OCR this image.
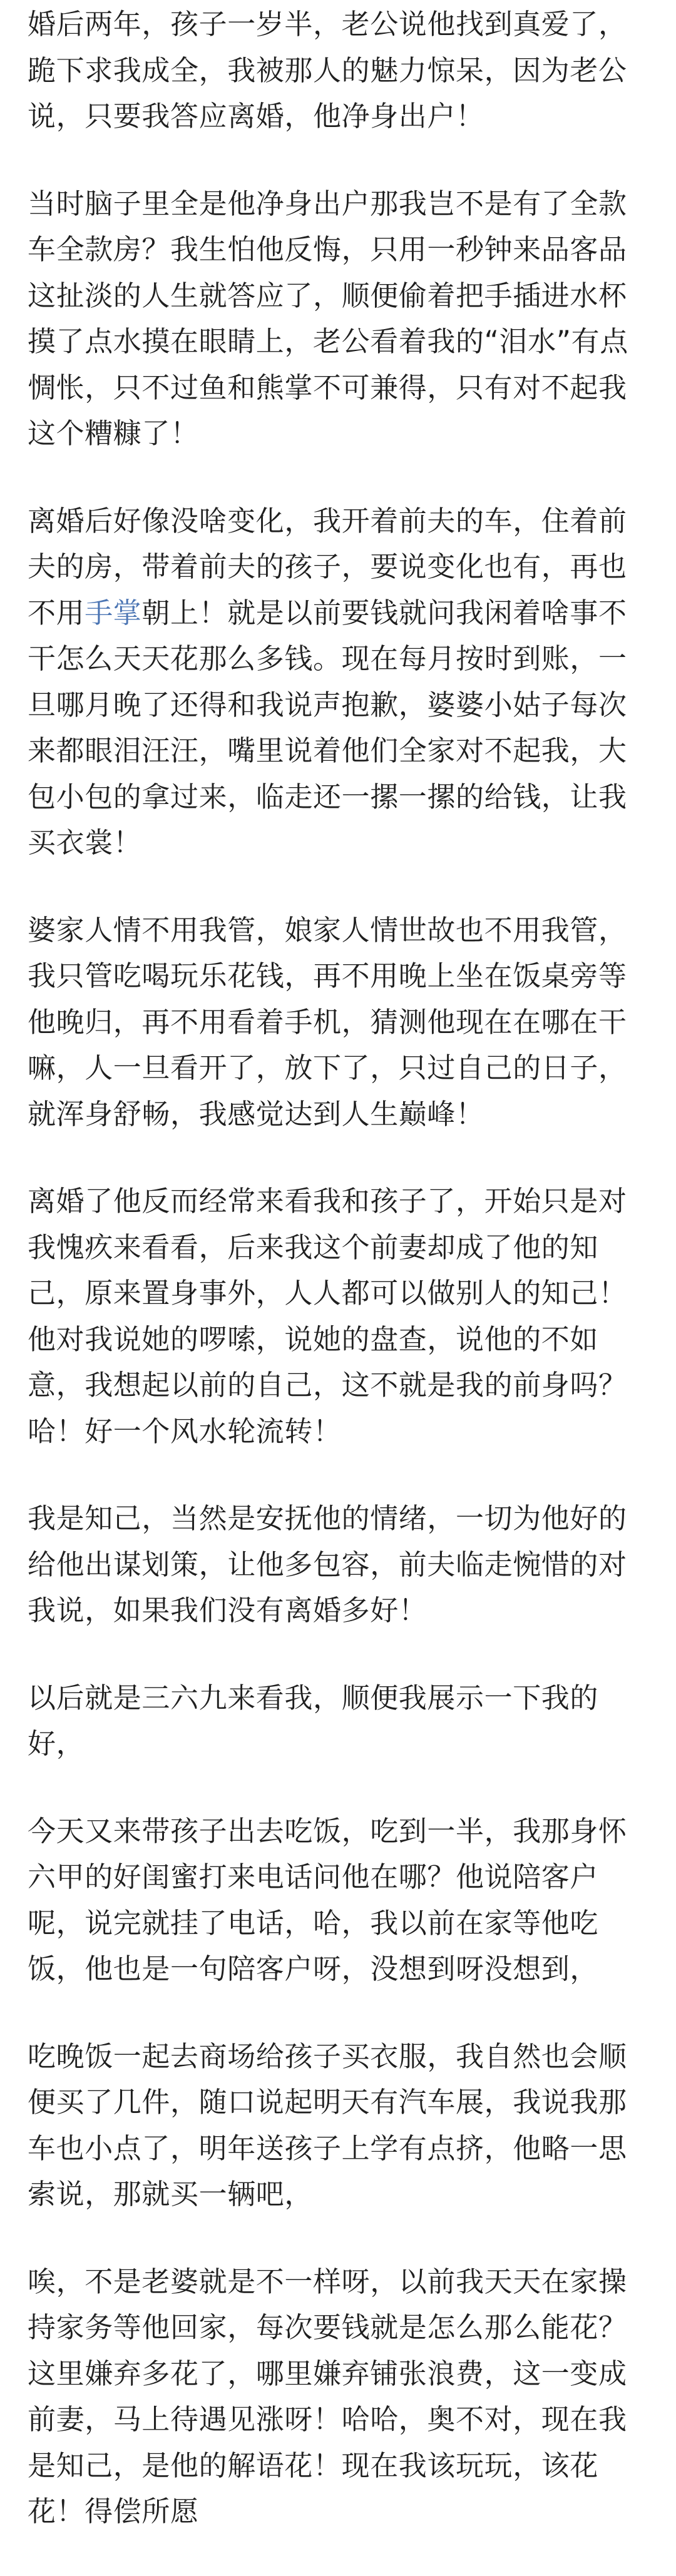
婚后两年，孩子一岁半，老公说他找到真爱了，跪下求我成全，我被那人的魅力惊呆，因为老公说，只要我答应离婚，他净身出户！

当时脑子里全是他净身出户那我岂不是有了全款车全款房？我生怕他反悔，只用一秒钟来品客品这扯淡的人生就答应了，顺便偷着把手插进水杯摸了点水摸在眼睛上，老公看着我的“泪水”有点惆怅，只不过鱼和熊掌不可兼得，只有对不起我这个糟糠了！

离婚后好像没啥变化，我开着前夫的车，住着前夫的房，带着前夫的孩子，要说变化也有，再也不用手掌朝上！就是以前要钱就问我闲着啥事不干怎么天天花那么多钱。现在每月按时到账，一旦哪月晚了还得和我说声抱歉，婆婆小姑子每次来都眼泪汪汪，嘴里说着他们全家对不起我，大包小包的拿过来，临走还一摞一摞的给钱，让我买衣裳！

婆家人情不用我管，娘家人情世故也不用我管，我只管吃喝玩乐花钱，再不用晚上坐在饭桌旁等他晚归，再不用看着手机，猜测他现在在哪在干嘛，人一旦看开了，放下了，只过自己的日子，就浑身舒畅，我感觉达到人生巅峰！

离婚了他反而经常来看我和孩子了，开始只是对我愧疚来看看，后来我这个前妻却成了他的知己，原来置身事外，人人都可以做别人的知己！他对我说她的啰嗦，说她的盘查，说他的不如意，我想起以前的自己，这不就是我的前身吗？哈！好一个风水轮流转！

我是知己，当然是安抚他的情绪，一切为他好的给他出谋划策，让他多包容，前夫临走惋惜的对我说，如果我们没有离婚多好！

以后就是三六九来看我，顺便我展示一下我的好，

今天又来带孩子出去吃饭，吃到一半，我那身怀六甲的好闺蜜打来电话问他在哪？他说陪客户呢，说完就挂了电话，哈，我以前在家等他吃饭，他也是一句陪客户呀，没想到呀没想到，

吃晚饭一起去商场给孩子买衣服，我自然也会顺便买了几件，随口说起明天有汽车展，我说我那车也小点了，明年送孩子上学有点挤，他略一思索说，那就买一辆吧，

唉，不是老婆就是不一样呀，以前我天天在家操持家务等他回家，每次要钱就是怎么那么能花？这里嫌弃多花了，哪里嫌弃铺张浪费，这一变成前妻，马上待遇见涨呀！哈哈，奥不对，现在我是知己，是他的解语花！现在我该玩玩，该花花！得偿所愿
